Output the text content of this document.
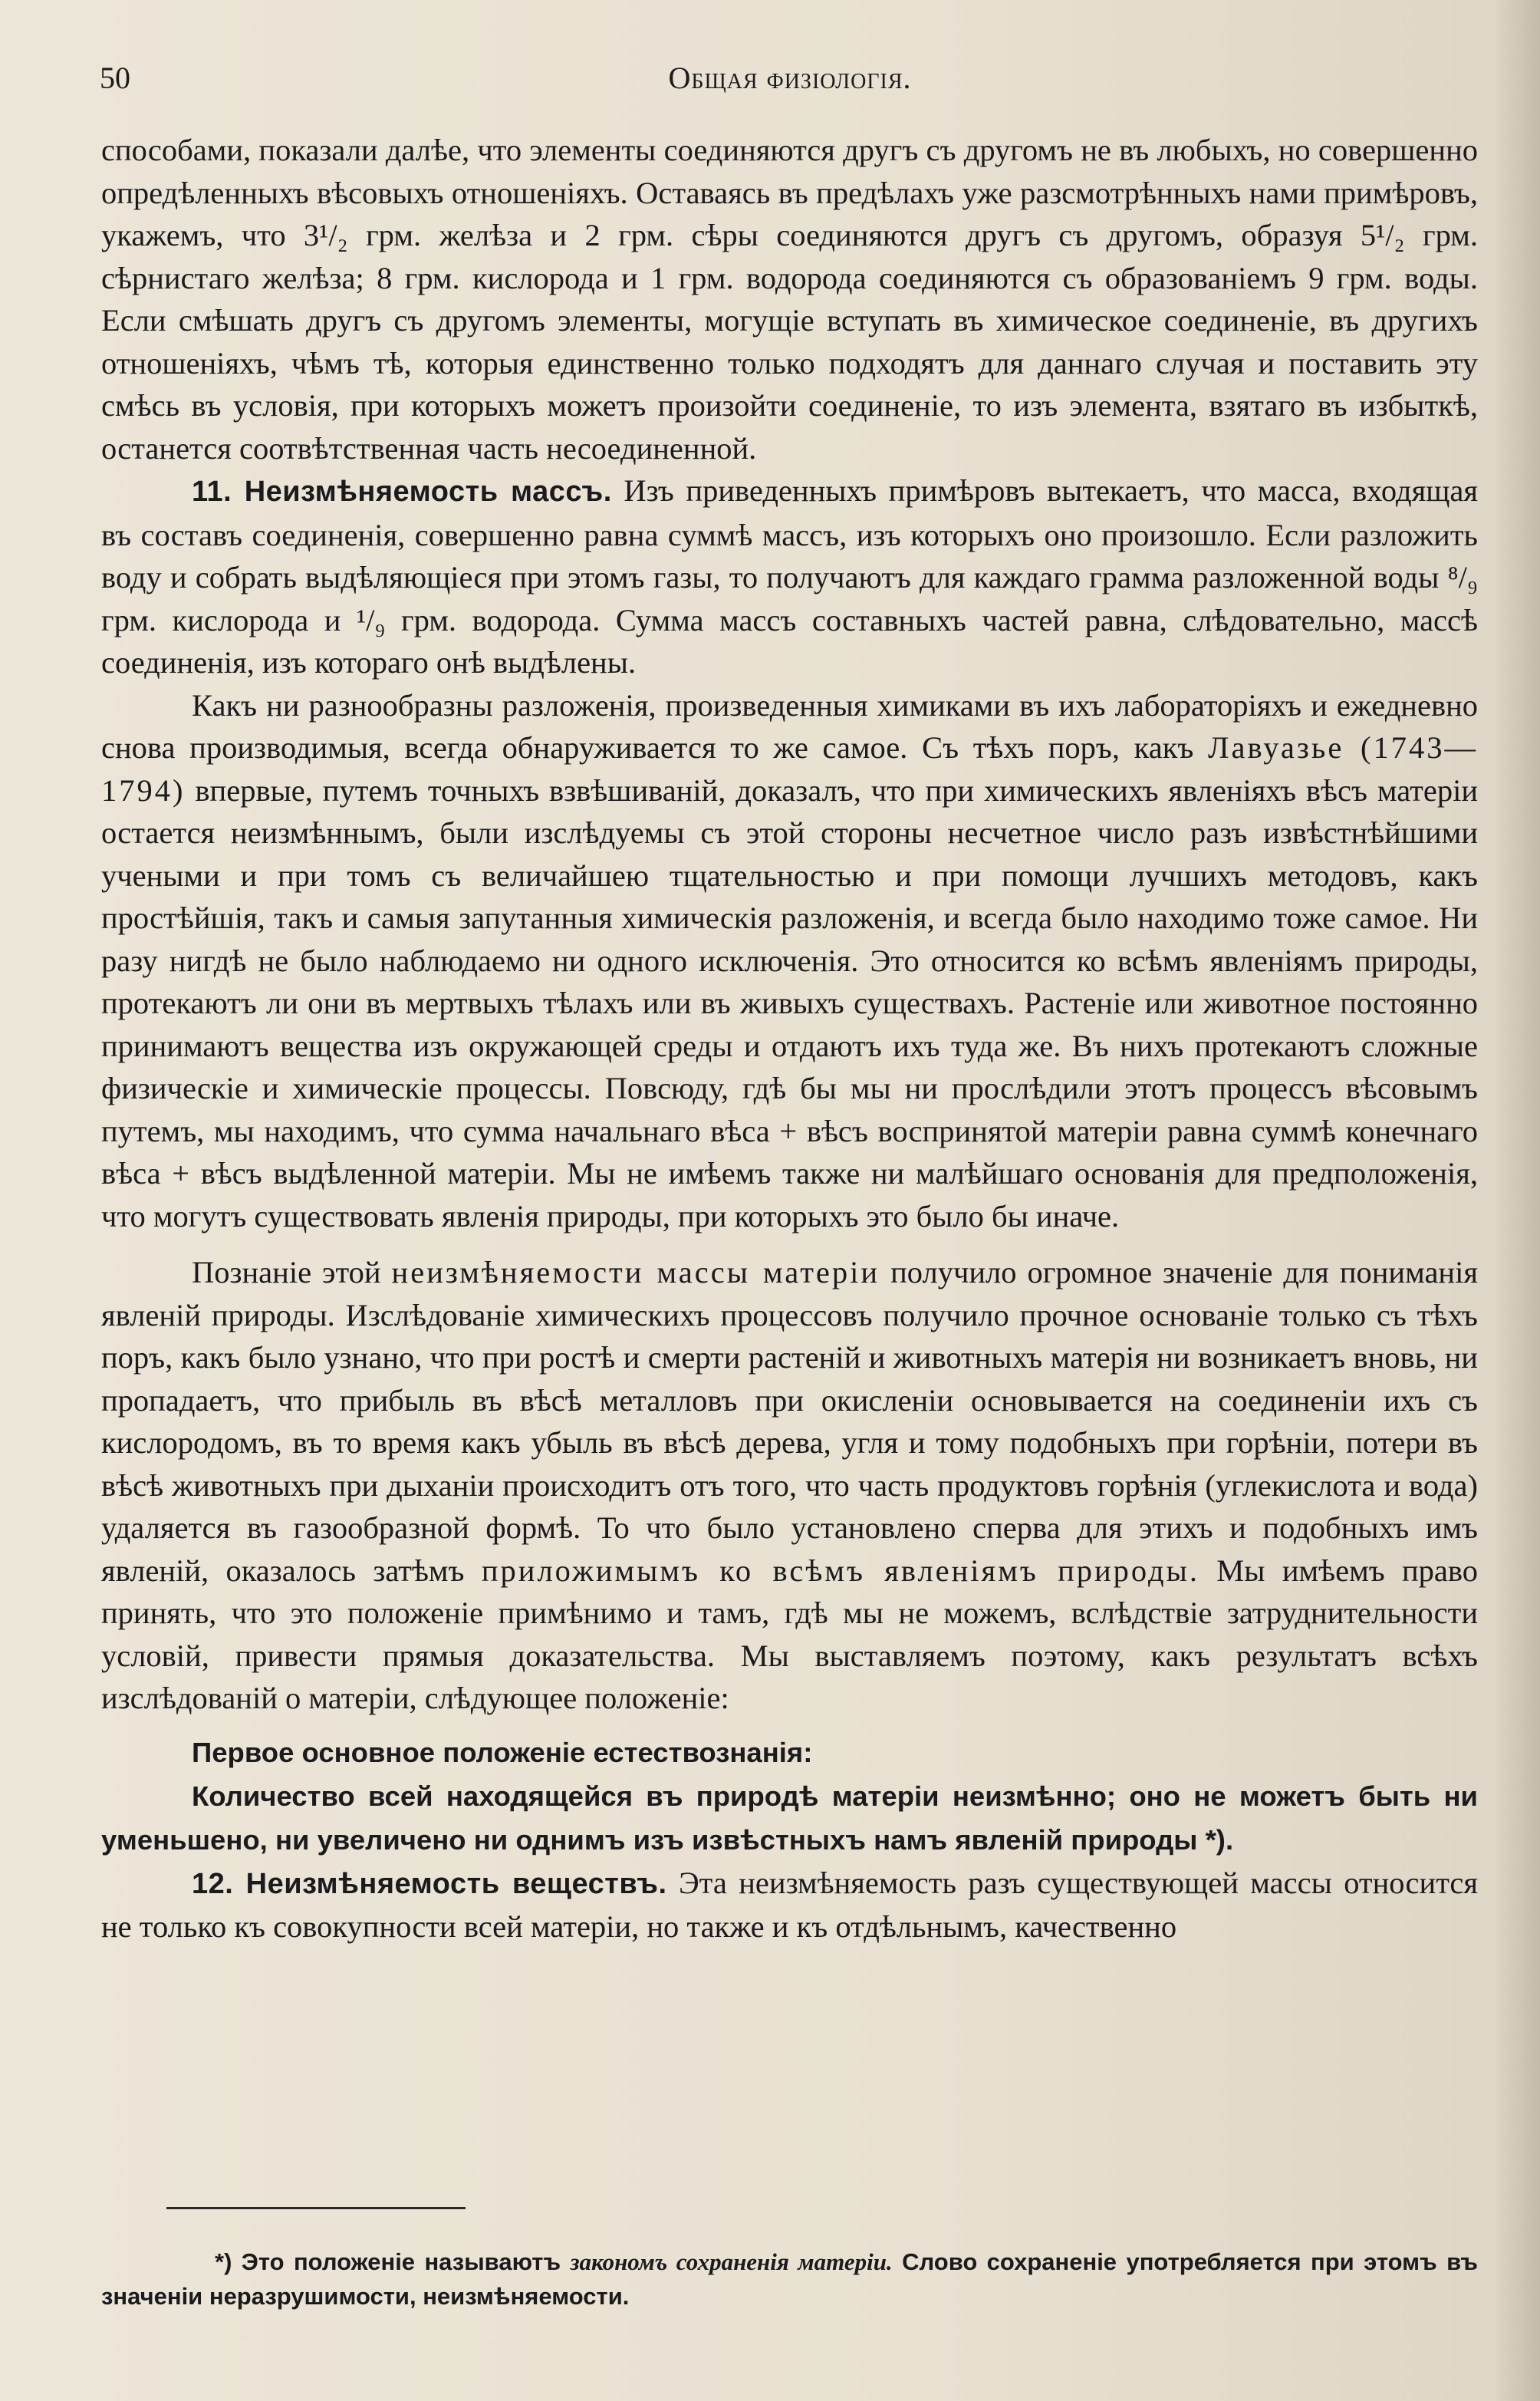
50	Общая физіологія.

способами, показали далѣе, что элементы соединяются другъ съ другомъ не въ любыхъ, но совершенно опредѣленныхъ вѣсовыхъ отношеніяхъ. Оставаясь въ предѣлахъ уже разсмотрѣнныхъ нами примѣровъ, укажемъ, что 3¹/₂ грм. желѣза и 2 грм. сѣры соединяются другъ съ другомъ, образуя 5¹/₂ грм. сѣрнистаго желѣза; 8 грм. кислорода и 1 грм. водорода соединяются съ образованіемъ 9 грм. воды. Если смѣшать другъ съ другомъ элементы, могущіе вступать въ химическое соединеніе, въ другихъ отношеніяхъ, чѣмъ тѣ, которыя единственно только подходятъ для даннаго случая и поставить эту смѣсь въ условія, при которыхъ можетъ произойти соединеніе, то изъ элемента, взятаго въ избыткѣ, останется соотвѣтственная часть несоединенной.

11. Неизмѣняемость массъ. Изъ приведенныхъ примѣровъ вытекаетъ, что масса, входящая въ составъ соединенія, совершенно равна суммѣ массъ, изъ которыхъ оно произошло. Если разложить воду и собрать выдѣляющіеся при этомъ газы, то получаютъ для каждаго грамма разложенной воды ⁸/₉ грм. кислорода и ¹/₉ грм. водорода. Сумма массъ составныхъ частей равна, слѣдовательно, массѣ соединенія, изъ котораго онѣ выдѣлены.

Какъ ни разнообразны разложенія, произведенныя химиками въ ихъ лабораторіяхъ и ежедневно снова производимыя, всегда обнаруживается то же самое. Съ тѣхъ поръ, какъ Лавуазье (1743—1794) впервые, путемъ точныхъ взвѣшиваній, доказалъ, что при химическихъ явленіяхъ вѣсъ матеріи остается неизмѣннымъ, были изслѣдуемы съ этой стороны несчетное число разъ извѣстнѣйшими учеными и при томъ съ величайшею тщательностью и при помощи лучшихъ методовъ, какъ простѣйшія, такъ и самыя запутанныя химическія разложенія, и всегда было находимо тоже самое. Ни разу нигдѣ не было наблюдаемо ни одного исключенія. Это относится ко всѣмъ явленіямъ природы, протекаютъ ли они въ мертвыхъ тѣлахъ или въ живыхъ существахъ. Растеніе или животное постоянно принимаютъ вещества изъ окружающей среды и отдаютъ ихъ туда же. Въ нихъ протекаютъ сложные физическіе и химическіе процессы. Повсюду, гдѣ бы мы ни прослѣдили этотъ процессъ вѣсовымъ путемъ, мы находимъ, что сумма начальнаго вѣса + вѣсъ воспринятой матеріи равна суммѣ конечнаго вѣса + вѣсъ выдѣленной матеріи. Мы не имѣемъ также ни малѣйшаго основанія для предположенія, что могутъ существовать явленія природы, при которыхъ это было бы иначе.

Познаніе этой неизмѣняемости массы матеріи получило огромное значеніе для пониманія явленій природы. Изслѣдованіе химическихъ процессовъ получило прочное основаніе только съ тѣхъ поръ, какъ было узнано, что при ростѣ и смерти растеній и животныхъ матерія ни возникаетъ вновь, ни пропадаетъ, что прибыль въ вѣсѣ металловъ при окисленіи основывается на соединеніи ихъ съ кислородомъ, въ то время какъ убыль въ вѣсѣ дерева, угля и тому подобныхъ при горѣніи, потери въ вѣсѣ животныхъ при дыханіи происходитъ отъ того, что часть продуктовъ горѣнія (углекислота и вода) удаляется въ газообразной формѣ. То что было установлено сперва для этихъ и подобныхъ имъ явленій, оказалось затѣмъ приложимымъ ко всѣмъ явленіямъ природы. Мы имѣемъ право принять, что это положеніе примѣнимо и тамъ, гдѣ мы не можемъ, вслѣдствіе затруднительности условій, привести прямыя доказательства. Мы выставляемъ поэтому, какъ результатъ всѣхъ изслѣдованій о матеріи, слѣдующее положеніе:

Первое основное положеніе естествознанія:

Количество всей находящейся въ природѣ матеріи неизмѣнно; оно не можетъ быть ни уменьшено, ни увеличено ни однимъ изъ извѣстныхъ намъ явленій природы *).

12. Неизмѣняемость веществъ. Эта неизмѣняемость разъ существующей массы относится не только къ совокупности всей матеріи, но также и къ отдѣльнымъ, качественно

*) Это положеніе называютъ закономъ сохраненія матеріи. Слово сохраненіе употребляется при этомъ въ значеніи неразрушимости, неизмѣняемости.
